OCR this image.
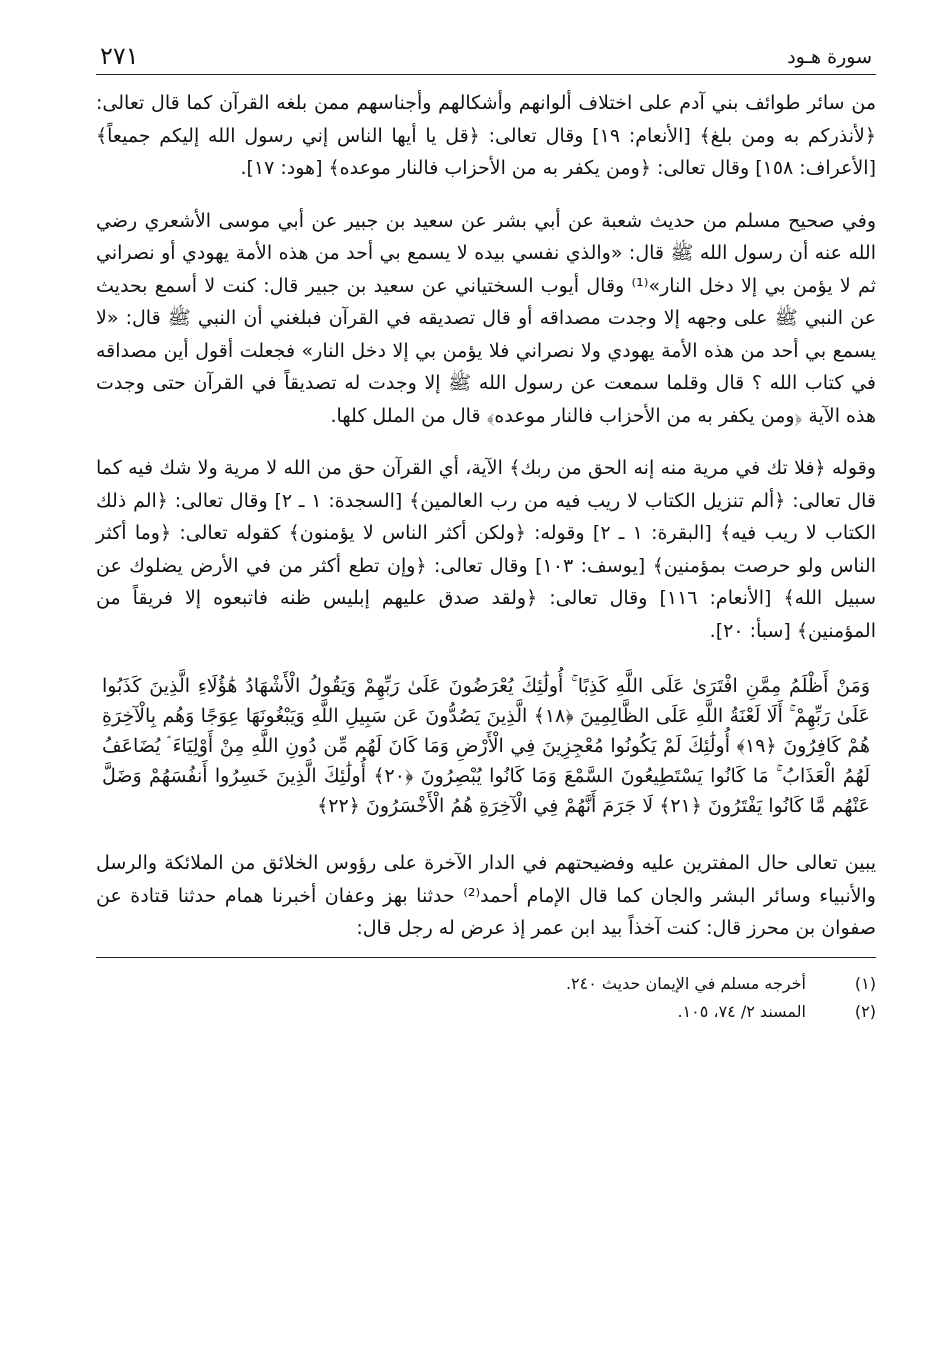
سورة هـود
٢٧١

من سائر طوائف بني آدم على اختلاف ألوانهم وأشكالهم وأجناسهم ممن بلغه القرآن كما قال تعالى: ﴿لأنذركم به ومن بلغ﴾ [الأنعام: ١٩] وقال تعالى: ﴿قل يا أيها الناس إني رسول الله إليكم جميعاً﴾ [الأعراف: ١٥٨] وقال تعالى: ﴿ومن يكفر به من الأحزاب فالنار موعده﴾ [هود: ١٧].

وفي صحيح مسلم من حديث شعبة عن أبي بشر عن سعيد بن جبير عن أبي موسى الأشعري رضي الله عنه أن رسول الله ﷺ قال: «والذي نفسي بيده لا يسمع بي أحد من هذه الأمة يهودي أو نصراني ثم لا يؤمن بي إلا دخل النار»⁽¹⁾ وقال أيوب السختياني عن سعيد بن جبير قال: كنت لا أسمع بحديث عن النبي ﷺ على وجهه إلا وجدت مصداقه أو قال تصديقه في القرآن فبلغني أن النبي ﷺ قال: «لا يسمع بي أحد من هذه الأمة يهودي ولا نصراني فلا يؤمن بي إلا دخل النار» فجعلت أقول أين مصداقه في كتاب الله ؟ قال وقلما سمعت عن رسول الله ﷺ إلا وجدت له تصديقاً في القرآن حتى وجدت هذه الآية ﴿ومن يكفر به من الأحزاب فالنار موعده﴾ قال من الملل كلها.

وقوله ﴿فلا تك في مرية منه إنه الحق من ربك﴾ الآية، أي القرآن حق من الله لا مرية ولا شك فيه كما قال تعالى: ﴿ألم تنزيل الكتاب لا ريب فيه من رب العالمين﴾ [السجدة: ١ ـ ٢] وقال تعالى: ﴿الم ذلك الكتاب لا ريب فيه﴾ [البقرة: ١ ـ ٢] وقوله: ﴿ولكن أكثر الناس لا يؤمنون﴾ كقوله تعالى: ﴿وما أكثر الناس ولو حرصت بمؤمنين﴾ [يوسف: ١٠٣] وقال تعالى: ﴿وإن تطع أكثر من في الأرض يضلوك عن سبيل الله﴾ [الأنعام: ١١٦] وقال تعالى: ﴿ولقد صدق عليهم إبليس ظنه فاتبعوه إلا فريقاً من المؤمنين﴾ [سبأ: ٢٠].

وَمَنْ أَظْلَمُ مِمَّنِ افْتَرَىٰ عَلَى اللَّهِ كَذِبًا ۚ أُولَٰئِكَ يُعْرَضُونَ عَلَىٰ رَبِّهِمْ وَيَقُولُ الْأَشْهَادُ هَٰؤُلَاءِ الَّذِينَ كَذَبُوا عَلَىٰ رَبِّهِمْ ۚ أَلَا لَعْنَةُ اللَّهِ عَلَى الظَّالِمِينَ ﴿١٨﴾ الَّذِينَ يَصُدُّونَ عَن سَبِيلِ اللَّهِ وَيَبْغُونَهَا عِوَجًا وَهُم بِالْآخِرَةِ هُمْ كَافِرُونَ ﴿١٩﴾ أُولَٰئِكَ لَمْ يَكُونُوا مُعْجِزِينَ فِي الْأَرْضِ وَمَا كَانَ لَهُم مِّن دُونِ اللَّهِ مِنْ أَوْلِيَاءَ ۘ يُضَاعَفُ لَهُمُ الْعَذَابُ ۚ مَا كَانُوا يَسْتَطِيعُونَ السَّمْعَ وَمَا كَانُوا يُبْصِرُونَ ﴿٢٠﴾ أُولَٰئِكَ الَّذِينَ خَسِرُوا أَنفُسَهُمْ وَضَلَّ عَنْهُم مَّا كَانُوا يَفْتَرُونَ ﴿٢١﴾ لَا جَرَمَ أَنَّهُمْ فِي الْآخِرَةِ هُمُ الْأَخْسَرُونَ ﴿٢٢﴾

يبين تعالى حال المفترين عليه وفضيحتهم في الدار الآخرة على رؤوس الخلائق من الملائكة والرسل والأنبياء وسائر البشر والجان كما قال الإمام أحمد⁽²⁾ حدثنا بهز وعفان أخبرنا همام حدثنا قتادة عن صفوان بن محرز قال: كنت آخذاً بيد ابن عمر إذ عرض له رجل قال:

(١)
أخرجه مسلم في الإيمان حديث ٢٤٠.
(٢)
المسند ٢/ ٧٤، ١٠٥.
